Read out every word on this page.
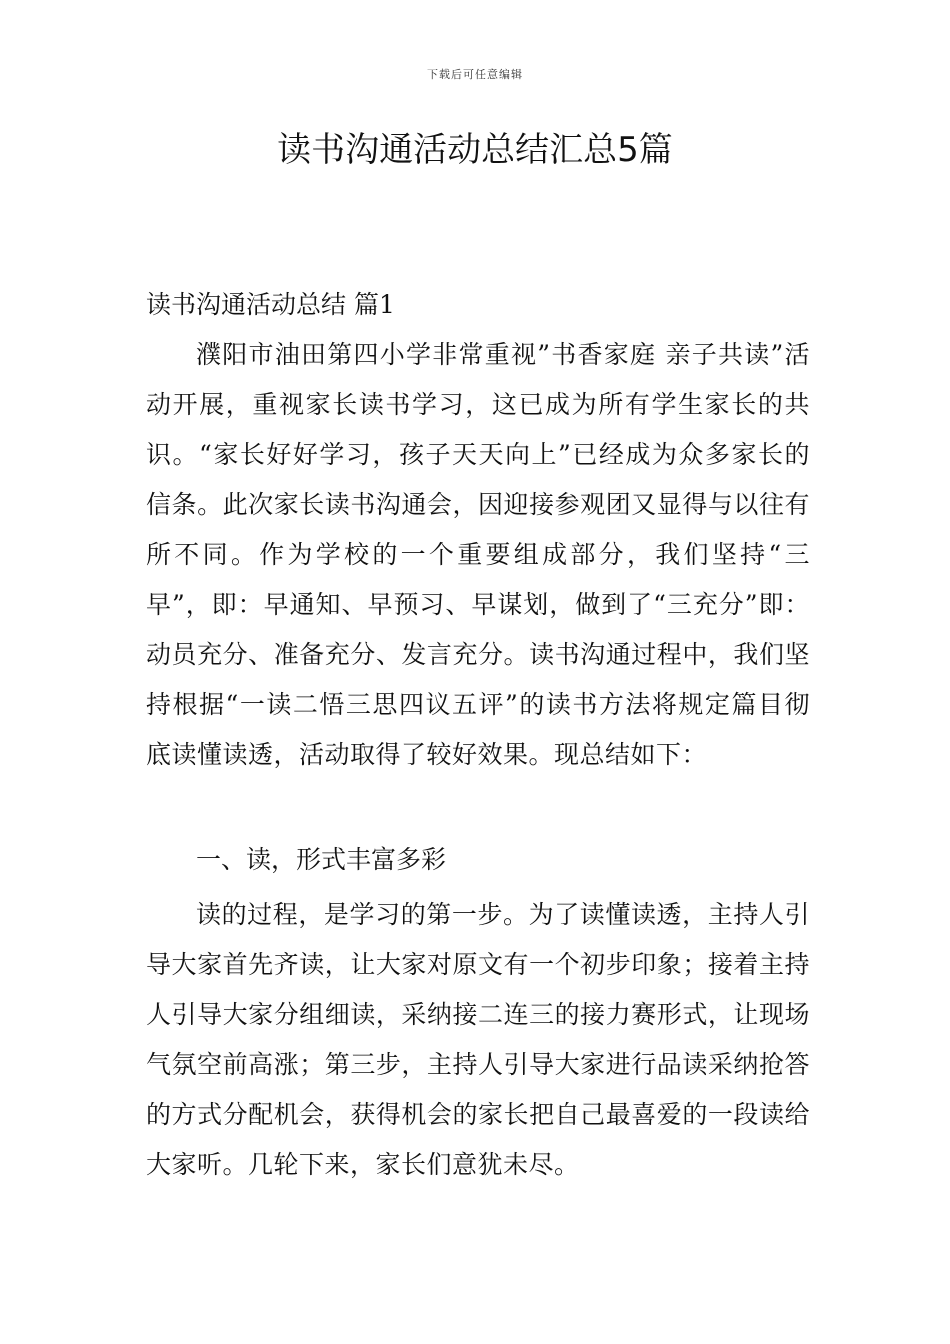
下载后可任意编辑
读书沟通活动总结汇总5篇
读书沟通活动总结 篇1

濮阳市油田第四小学非常重视”书香家庭 亲子共读”活动开展，重视家长读书学习，这已成为所有学生家长的共识。“家长好好学习，孩子天天向上”已经成为众多家长的信条。此次家长读书沟通会，因迎接参观团又显得与以往有所不同。作为学校的一个重要组成部分，我们坚持“三早”，即：早通知、早预习、早谋划，做到了“三充分”即：动员充分、准备充分、发言充分。读书沟通过程中，我们坚持根据“一读二悟三思四议五评”的读书方法将规定篇目彻底读懂读透，活动取得了较好效果。现总结如下：

一、读，形式丰富多彩

读的过程，是学习的第一步。为了读懂读透，主持人引导大家首先齐读，让大家对原文有一个初步印象；接着主持人引导大家分组细读，采纳接二连三的接力赛形式，让现场气氛空前高涨；第三步，主持人引导大家进行品读采纳抢答的方式分配机会，获得机会的家长把自己最喜爱的一段读给大家听。几轮下来，家长们意犹未尽。
